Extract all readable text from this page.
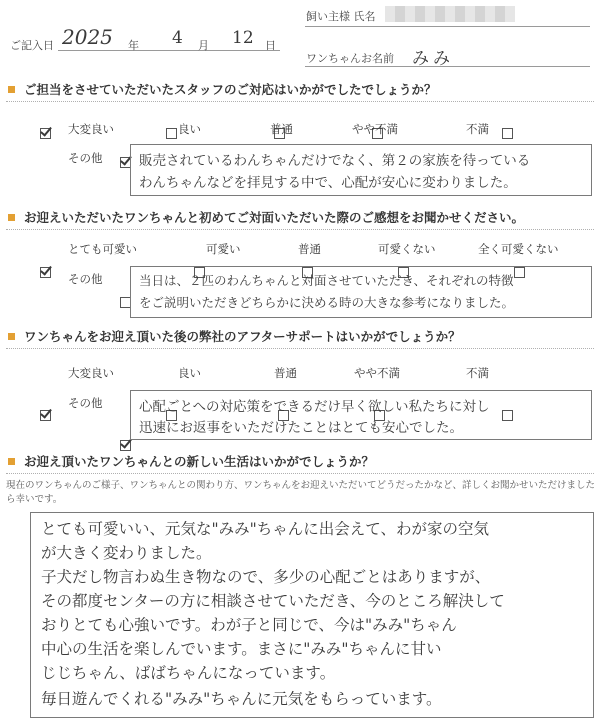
ご記入日 2025 年 4 月 12 日
飼い主様 氏名
ワンちゃんお名前 みみ
ご担当をさせていただいたスタッフのご対応はいかがでしたでしょうか？

大変良い
	良い
	普通
	やや不満
	不満
その他	販売されているわんちゃんだけでなく、第２の家族を待っている
わんちゃんなどを拝見する中で、心配が安心に変わりました。
お迎えいただいたワンちゃんと初めてご対面いただいた際のご感想をお聞かせください。

とても可愛い
	可愛い
	普通
	可愛くない
	全く可愛くない
その他	当日は、２匹のわんちゃんと対面させていただき、それぞれの特徴
をご説明いただきどちらかに決める時の大きな参考になりました。
ワンちゃんをお迎え頂いた後の弊社のアフターサポートはいかがでしょうか？

大変良い
	良い
	普通
	やや不満
	不満
その他	心配ごとへの対応策をできるだけ早く欲しい私たちに対し
迅速にお返事をいただけたことはとても安心でした。
お迎え頂いたワンちゃんとの新しい生活はいかがでしょうか？
現在のワンちゃんのご様子、ワンちゃんとの関わり方、ワンちゃんをお迎えいただいてどうだったかなど、詳しくお聞かせいただけました
ら幸いです。
とても可愛いい、元気な"みみ"ちゃんに出会えて、わが家の空気
が大きく変わりました。
子犬だし物言わぬ生き物なので、多少の心配ごとはありますが、
その都度センターの方に相談させていただき、今のところ解決して
おりとても心強いです。わが子と同じで、今は"みみ"ちゃん
中心の生活を楽しんでいます。まさに"みみ"ちゃんに甘い
じじちゃん、ばばちゃんになっています。
毎日遊んでくれる"みみ"ちゃんに元気をもらっています。
